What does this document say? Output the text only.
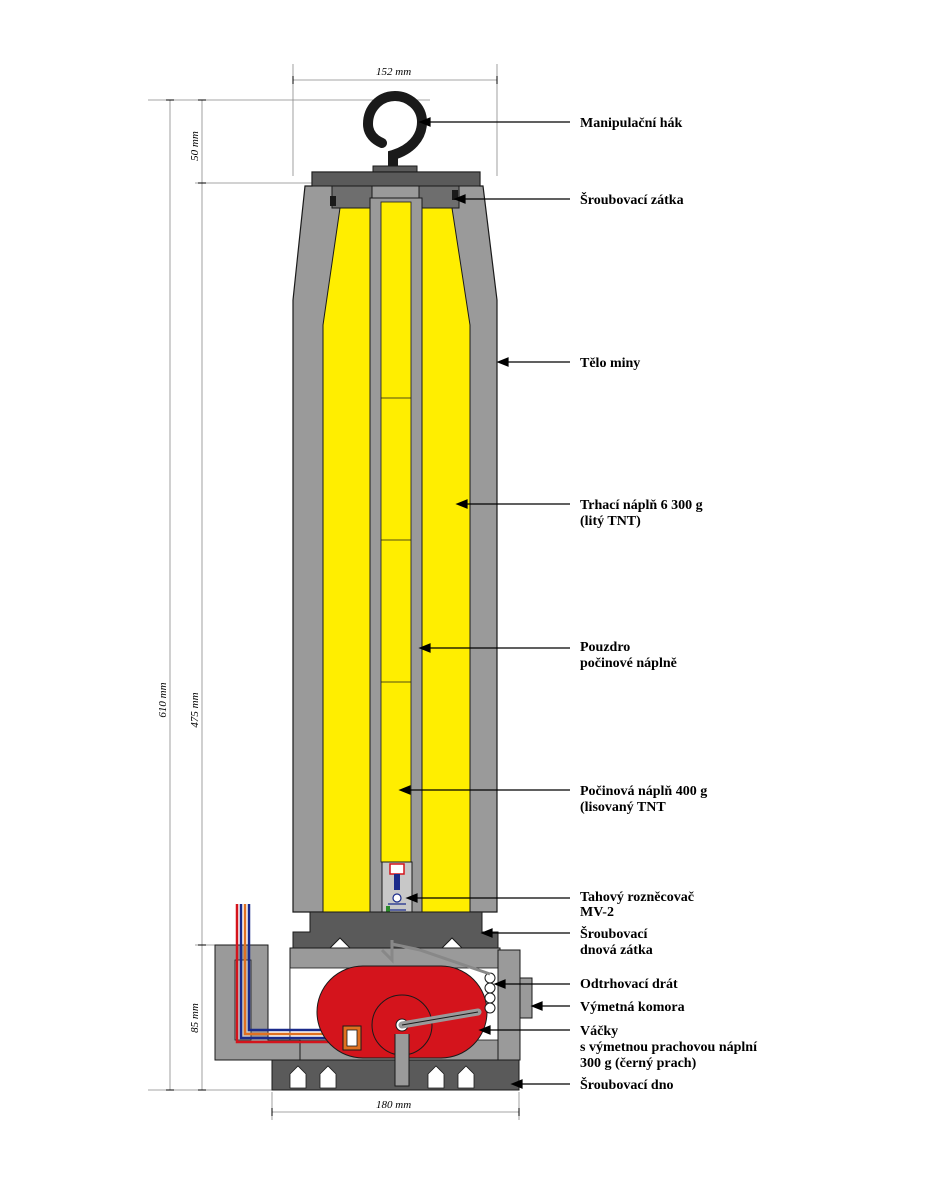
152 mm
180 mm
610 mm
50 mm
475 mm
85 mm
Manipulační hák
Šroubovací zátka
Tělo miny
Trhací náplň 6 300 g (litý TNT)
Pouzdro počinové náplně
Počinová náplň 400 g (lisovaný TNT
Tahový rozněcovač MV-2
Šroubovací dnová zátka
Odtrhovací drát
Výmetná komora
Váčky s výmetnou prachovou náplní 300 g (černý prach)
Šroubovací dno
